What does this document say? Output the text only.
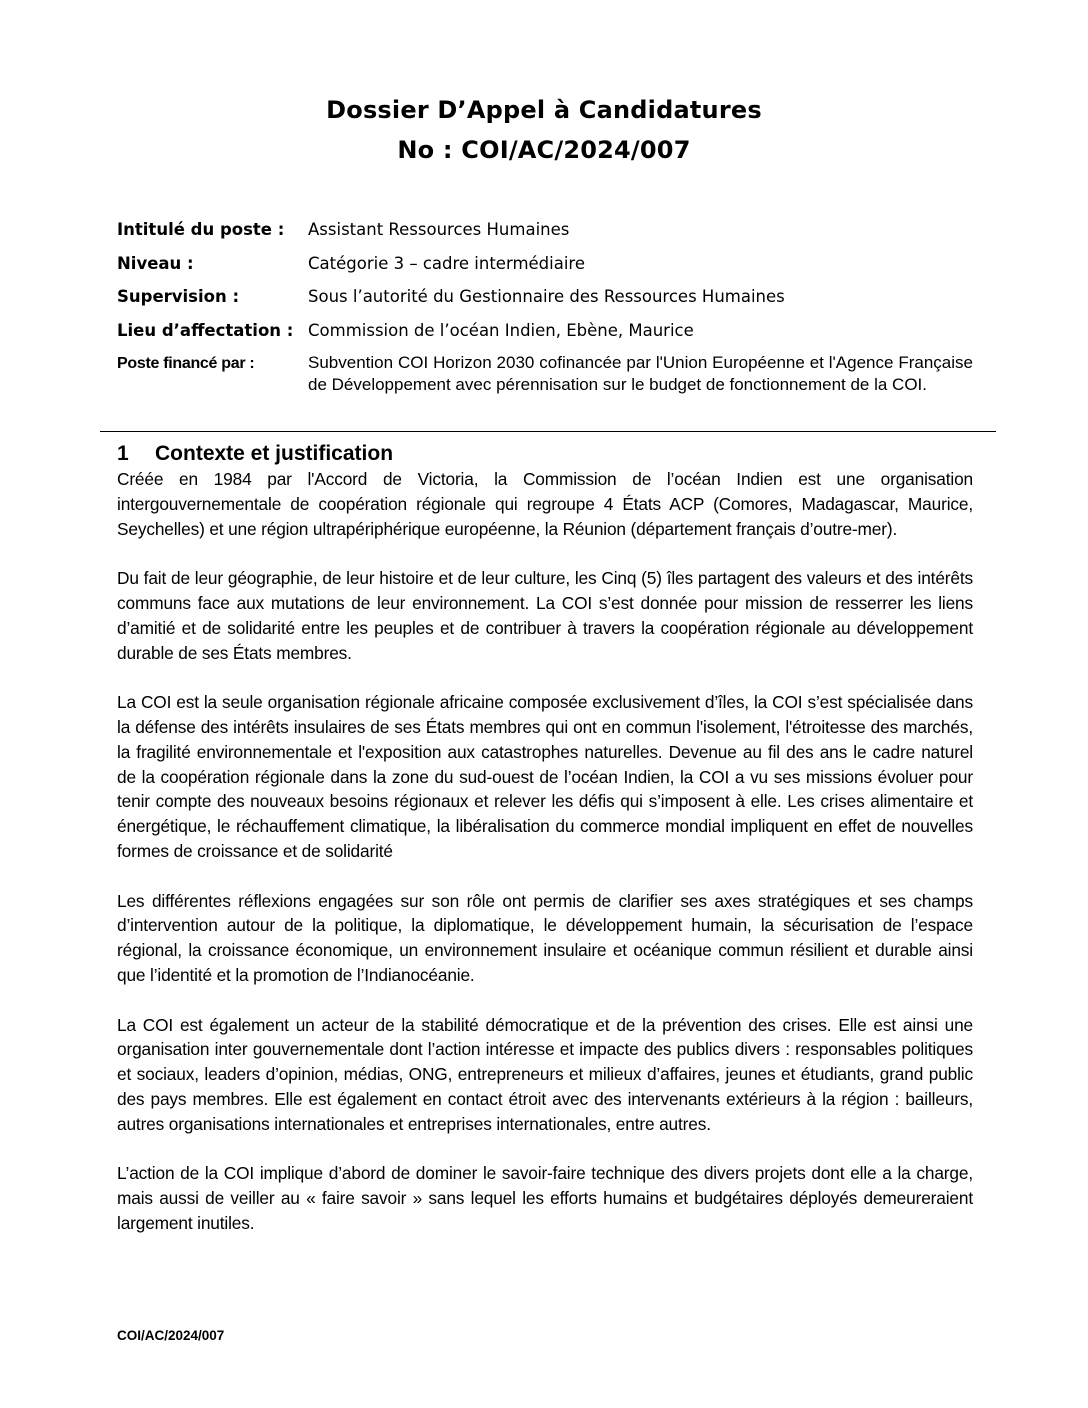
Dossier D’Appel à Candidatures
No : COI/AC/2024/007
Intitulé du poste :	Assistant Ressources Humaines
Niveau :	Catégorie 3 – cadre intermédiaire
Supervision :	Sous l’autorité du Gestionnaire des Ressources Humaines
Lieu d’affectation : Commission de l’océan Indien, Ebène, Maurice
Poste financé par :	Subvention COI Horizon 2030 cofinancée par l'Union Européenne et l'Agence Française de Développement avec pérennisation sur le budget de fonctionnement de la COI.
1	Contexte et justification

Créée en 1984 par l'Accord de Victoria, la Commission de l’océan Indien est une organisation intergouvernementale de coopération régionale qui regroupe 4 États ACP (Comores, Madagascar, Maurice, Seychelles) et une région ultrapériphérique européenne, la Réunion (département français d’outre-mer).

Du fait de leur géographie, de leur histoire et de leur culture, les Cinq (5) îles partagent des valeurs et des intérêts communs face aux mutations de leur environnement. La COI s’est donnée pour mission de resserrer les liens d’amitié et de solidarité entre les peuples et de contribuer à travers la coopération régionale au développement durable de ses États membres.

La COI est la seule organisation régionale africaine composée exclusivement d’îles, la COI s’est spécialisée dans la défense des intérêts insulaires de ses États membres qui ont en commun l'isolement, l'étroitesse des marchés, la fragilité environnementale et l'exposition aux catastrophes naturelles. Devenue au fil des ans le cadre naturel de la coopération régionale dans la zone du sud-ouest de l’océan Indien, la COI a vu ses missions évoluer pour tenir compte des nouveaux besoins régionaux et relever les défis qui s’imposent à elle. Les crises alimentaire et énergétique, le réchauffement climatique, la libéralisation du commerce mondial impliquent en effet de nouvelles formes de croissance et de solidarité

Les différentes réflexions engagées sur son rôle ont permis de clarifier ses axes stratégiques et ses champs d’intervention autour de la politique, la diplomatique, le développement humain, la sécurisation de l’espace régional, la croissance économique, un environnement insulaire et océanique commun résilient et durable ainsi que l’identité et la promotion de l’Indianocéanie.

La COI est également un acteur de la stabilité démocratique et de la prévention des crises. Elle est ainsi une organisation inter gouvernementale dont l’action intéresse et impacte des publics divers : responsables politiques et sociaux, leaders d’opinion, médias, ONG, entrepreneurs et milieux d’affaires, jeunes et étudiants, grand public des pays membres. Elle est également en contact étroit avec des intervenants extérieurs à la région : bailleurs, autres organisations internationales et entreprises internationales, entre autres.

L’action de la COI implique d’abord de dominer le savoir-faire technique des divers projets dont elle a la charge, mais aussi de veiller au « faire savoir » sans lequel les efforts humains et budgétaires déployés demeureraient largement inutiles.

COI/AC/2024/007
